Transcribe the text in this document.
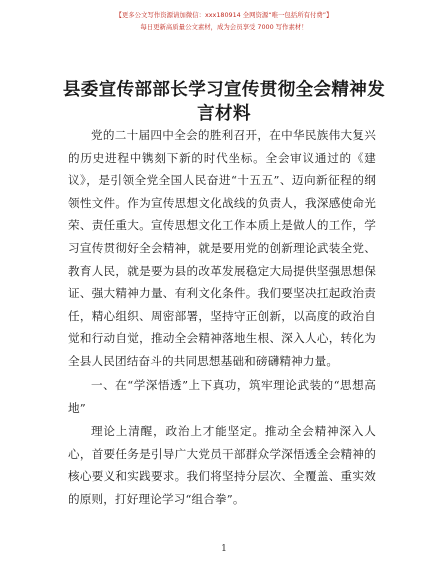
【更多公文写作资源请加微信：xxx180914 全网资源“唯一包括所有付费”】
每日更新高质量公文素材，成为会员享受 7000 写作素材！
县委宣传部部长学习宣传贯彻全会精神发言材料
党的二十届四中全会的胜利召开，在中华民族伟大复兴的历史进程中镌刻下新的时代坐标。全会审议通过的《建议》，是引领全党全国人民奋进“十五五”、迈向新征程的纲领性文件。作为宣传思想文化战线的负责人，我深感使命光荣、责任重大。宣传思想文化工作本质上是做人的工作，学习宣传贯彻好全会精神，就是要用党的创新理论武装全党、教育人民，就是要为县的改革发展稳定大局提供坚强思想保证、强大精神力量、有利文化条件。我们要坚决扛起政治责任，精心组织、周密部署，坚持守正创新，以高度的政治自觉和行动自觉，推动全会精神落地生根、深入人心，转化为全县人民团结奋斗的共同思想基础和磅礴精神力量。
一、在“学深悟透”上下真功，筑牢理论武装的“思想高地”
理论上清醒，政治上才能坚定。推动全会精神深入人心，首要任务是引导广大党员干部群众学深悟透全会精神的核心要义和实践要求。我们将坚持分层次、全覆盖、重实效的原则，打好理论学习“组合拳”。
1
